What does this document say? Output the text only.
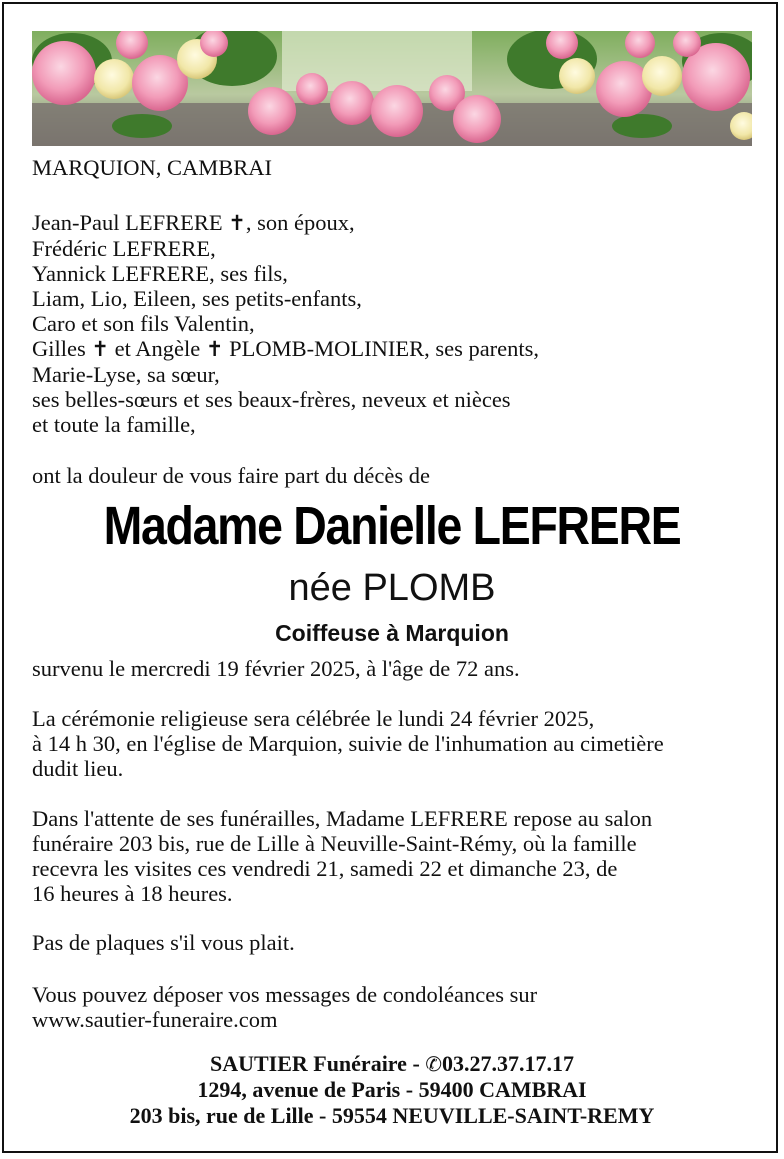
MARQUION, CAMBRAI
Jean-Paul LEFRERE ✝, son époux,
Frédéric LEFRERE,
Yannick LEFRERE, ses fils,
Liam, Lio, Eileen, ses petits-enfants,
Caro et son fils Valentin,
Gilles ✝ et Angèle ✝ PLOMB-MOLINIER, ses parents,
Marie-Lyse, sa sœur,
ses belles-sœurs et ses beaux-frères, neveux et nièces
et toute la famille,
ont la douleur de vous faire part du décès de
Madame Danielle LEFRERE
née PLOMB
Coiffeuse à Marquion
survenu le mercredi 19 février 2025, à l'âge de 72 ans.
La cérémonie religieuse sera célébrée le lundi 24 février 2025,
à 14 h 30, en l'église de Marquion, suivie de l'inhumation au cimetière
dudit lieu.
Dans l'attente de ses funérailles, Madame LEFRERE repose au salon
funéraire 203 bis, rue de Lille à Neuville-Saint-Rémy, où la famille
recevra les visites ces vendredi 21, samedi 22 et dimanche 23, de
16 heures à 18 heures.
Pas de plaques s'il vous plait.
Vous pouvez déposer vos messages de condoléances sur
www.sautier-funeraire.com
SAUTIER Funéraire - ✆03.27.37.17.17
1294, avenue de Paris - 59400 CAMBRAI
203 bis, rue de Lille - 59554 NEUVILLE-SAINT-REMY
